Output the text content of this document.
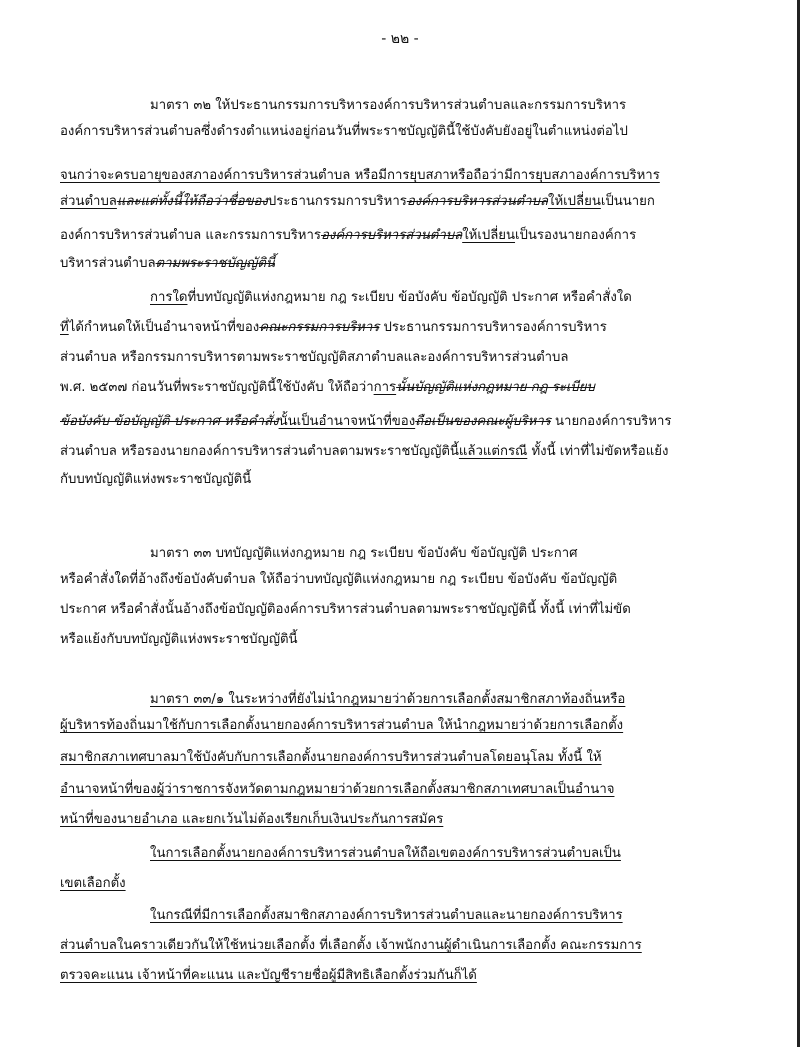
- ๒๒ -
มาตรา ๓๒ ให้ประธานกรรมการบริหารองค์การบริหารส่วนตำบลและกรรมการบริหาร
องค์การบริหารส่วนตำบลซึ่งดำรงตำแหน่งอยู่ก่อนวันที่พระราชบัญญัตินี้ใช้บังคับยังอยู่ในตำแหน่งต่อไป
จนกว่าจะครบอายุของสภาองค์การบริหารส่วนตำบล หรือมีการยุบสภาหรือถือว่ามีการยุบสภาองค์การบริหาร
ส่วนตำบลและแต่ทั้งนี้ให้ถือว่าชื่อของประธานกรรมการบริหารองค์การบริหารส่วนตำบลให้เปลี่ยนเป็นนายก
องค์การบริหารส่วนตำบล และกรรมการบริหารองค์การบริหารส่วนตำบลให้เปลี่ยนเป็นรองนายกองค์การ
บริหารส่วนตำบลตามพระราชบัญญัตินี้
การใดที่บทบัญญัติแห่งกฎหมาย กฎ ระเบียบ ข้อบังคับ ข้อบัญญัติ ประกาศ หรือคำสั่งใด
ที่ได้กำหนดให้เป็นอำนาจหน้าที่ของคณะกรรมการบริหาร ประธานกรรมการบริหารองค์การบริหาร
ส่วนตำบล หรือกรรมการบริหารตามพระราชบัญญัติสภาตำบลและองค์การบริหารส่วนตำบล
พ.ศ. ๒๕๓๗ ก่อนวันที่พระราชบัญญัตินี้ใช้บังคับ ให้ถือว่าการนั้นบัญญัติแห่งกฎหมาย กฎ ระเบียบ
ข้อบังคับ ข้อบัญญัติ ประกาศ หรือคำสั่งนั้นเป็นอำนาจหน้าที่ของถือเป็นของคณะผู้บริหาร นายกองค์การบริหาร
ส่วนตำบล หรือรองนายกองค์การบริหารส่วนตำบลตามพระราชบัญญัตินี้แล้วแต่กรณี ทั้งนี้ เท่าที่ไม่ขัดหรือแย้ง
กับบทบัญญัติแห่งพระราชบัญญัตินี้
มาตรา ๓๓ บทบัญญัติแห่งกฎหมาย กฎ ระเบียบ ข้อบังคับ ข้อบัญญัติ ประกาศ
หรือคำสั่งใดที่อ้างถึงข้อบังคับตำบล ให้ถือว่าบทบัญญัติแห่งกฎหมาย กฎ ระเบียบ ข้อบังคับ ข้อบัญญัติ
ประกาศ หรือคำสั่งนั้นอ้างถึงข้อบัญญัติองค์การบริหารส่วนตำบลตามพระราชบัญญัตินี้ ทั้งนี้ เท่าที่ไม่ขัด
หรือแย้งกับบทบัญญัติแห่งพระราชบัญญัตินี้
มาตรา ๓๓/๑ ในระหว่างที่ยังไม่นำกฎหมายว่าด้วยการเลือกตั้งสมาชิกสภาท้องถิ่นหรือ
ผู้บริหารท้องถิ่นมาใช้กับการเลือกตั้งนายกองค์การบริหารส่วนตำบล ให้นำกฎหมายว่าด้วยการเลือกตั้ง
สมาชิกสภาเทศบาลมาใช้บังคับกับการเลือกตั้งนายกองค์การบริหารส่วนตำบลโดยอนุโลม ทั้งนี้ ให้
อำนาจหน้าที่ของผู้ว่าราชการจังหวัดตามกฎหมายว่าด้วยการเลือกตั้งสมาชิกสภาเทศบาลเป็นอำนาจ
หน้าที่ของนายอำเภอ และยกเว้นไม่ต้องเรียกเก็บเงินประกันการสมัคร
ในการเลือกตั้งนายกองค์การบริหารส่วนตำบลให้ถือเขตองค์การบริหารส่วนตำบลเป็น
เขตเลือกตั้ง
ในกรณีที่มีการเลือกตั้งสมาชิกสภาองค์การบริหารส่วนตำบลและนายกองค์การบริหาร
ส่วนตำบลในคราวเดียวกันให้ใช้หน่วยเลือกตั้ง ที่เลือกตั้ง เจ้าพนักงานผู้ดำเนินการเลือกตั้ง คณะกรรมการ
ตรวจคะแนน เจ้าหน้าที่คะแนน และบัญชีรายชื่อผู้มีสิทธิเลือกตั้งร่วมกันก็ได้
